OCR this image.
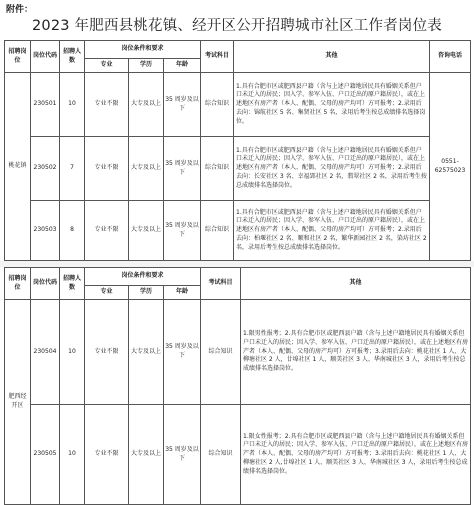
附件：
2023 年肥西县桃花镇、经开区公开招聘城市社区工作者岗位表
招聘岗位	岗位代码	招聘人数	岗位条件和要求			考试科目	其他	咨询电话
			专业	学历	年龄			
桃花镇	230501	10	专业不限	大专及以上	35 周岁及以下	综合知识	1.具有合肥市区或肥西县户籍（含与上述户籍地居民具有婚姻关系但户口未迁入的居民；因入学、参军入伍、户口迁出的原户籍居民），或在上述地区有房产者（本人、配偶、父母的房产均可）方可报考；2.录用后去向：锦航社区 5 名、集贤社区 5 名，录用后考生按总成绩排名选择岗位。	0551-62575023
	230502	7	专业不限	大专及以上	35 周岁及以下	综合知识	1.具有合肥市区或肥西县户籍（含与上述户籍地居民具有婚姻关系但户口未迁入的居民；因入学、参军入伍、户口迁出的原户籍居民），或在上述地区有房产者（本人、配偶、父母的房产均可）方可报考；2.录用后去向：长安社区 3 名、幸福郢社区 2 名，翡翠社区 2 名，录用后考生按总成绩排名选择岗位。	
	230503	8	专业不限	大专及以上	35 周岁及以下	综合知识	1.具有合肥市区或肥西县户籍（含与上述户籍地居民具有婚姻关系但户口未迁入的居民；因入学、参军入伍、户口迁出的原户籍居民），或在上述地区有房产者（本人、配偶、父母的房产均可）方可报考；2.录用后去向：柏堰社区 2 名、顺和社区 2 名，繁华新园社区 2 名，染坊社区 2 名，录用后考生按总成绩排名选择岗位。	
招聘岗位	岗位代码	招聘人数	岗位条件和要求			考试科目	其他
			专业	学历	年龄		
肥西经开区	230504	10	专业不限	大专及以上	35 周岁及以下	综合知识	1.限男性报考；2.具有合肥市区或肥西县户籍（含与上述户籍地居民具有婚姻关系但户口未迁入的居民；因入学、参军入伍、户口迁出的原户籍居民），或在上述地区有房产者（本人、配偶、父母的房产均可）方可报考；3.录用后去向：桃花社区 1 人、大柳塘社区 2 人，廿埠社区 1 人，顺美社区 3 人、华南城社区 3 人，录用后考生按总成绩排名选择岗位。
	230505	10	专业不限	大专及以上	35 周岁及以下	综合知识	1.限女性报考；2.具有合肥市区或肥西县户籍（含与上述户籍地居民具有婚姻关系但户口未迁入的居民；因入学、参军入伍、户口迁出的原户籍居民），或在上述地区有房产者（本人、配偶、父母的房产均可）方可报考；3.录用后去向：桃花社区 1 人、大柳塘社区 2 人,廿埠社区 1 人、顺美社区 3 人、华南城社区 3 人，录用后考生按总成绩排名选择岗位。
